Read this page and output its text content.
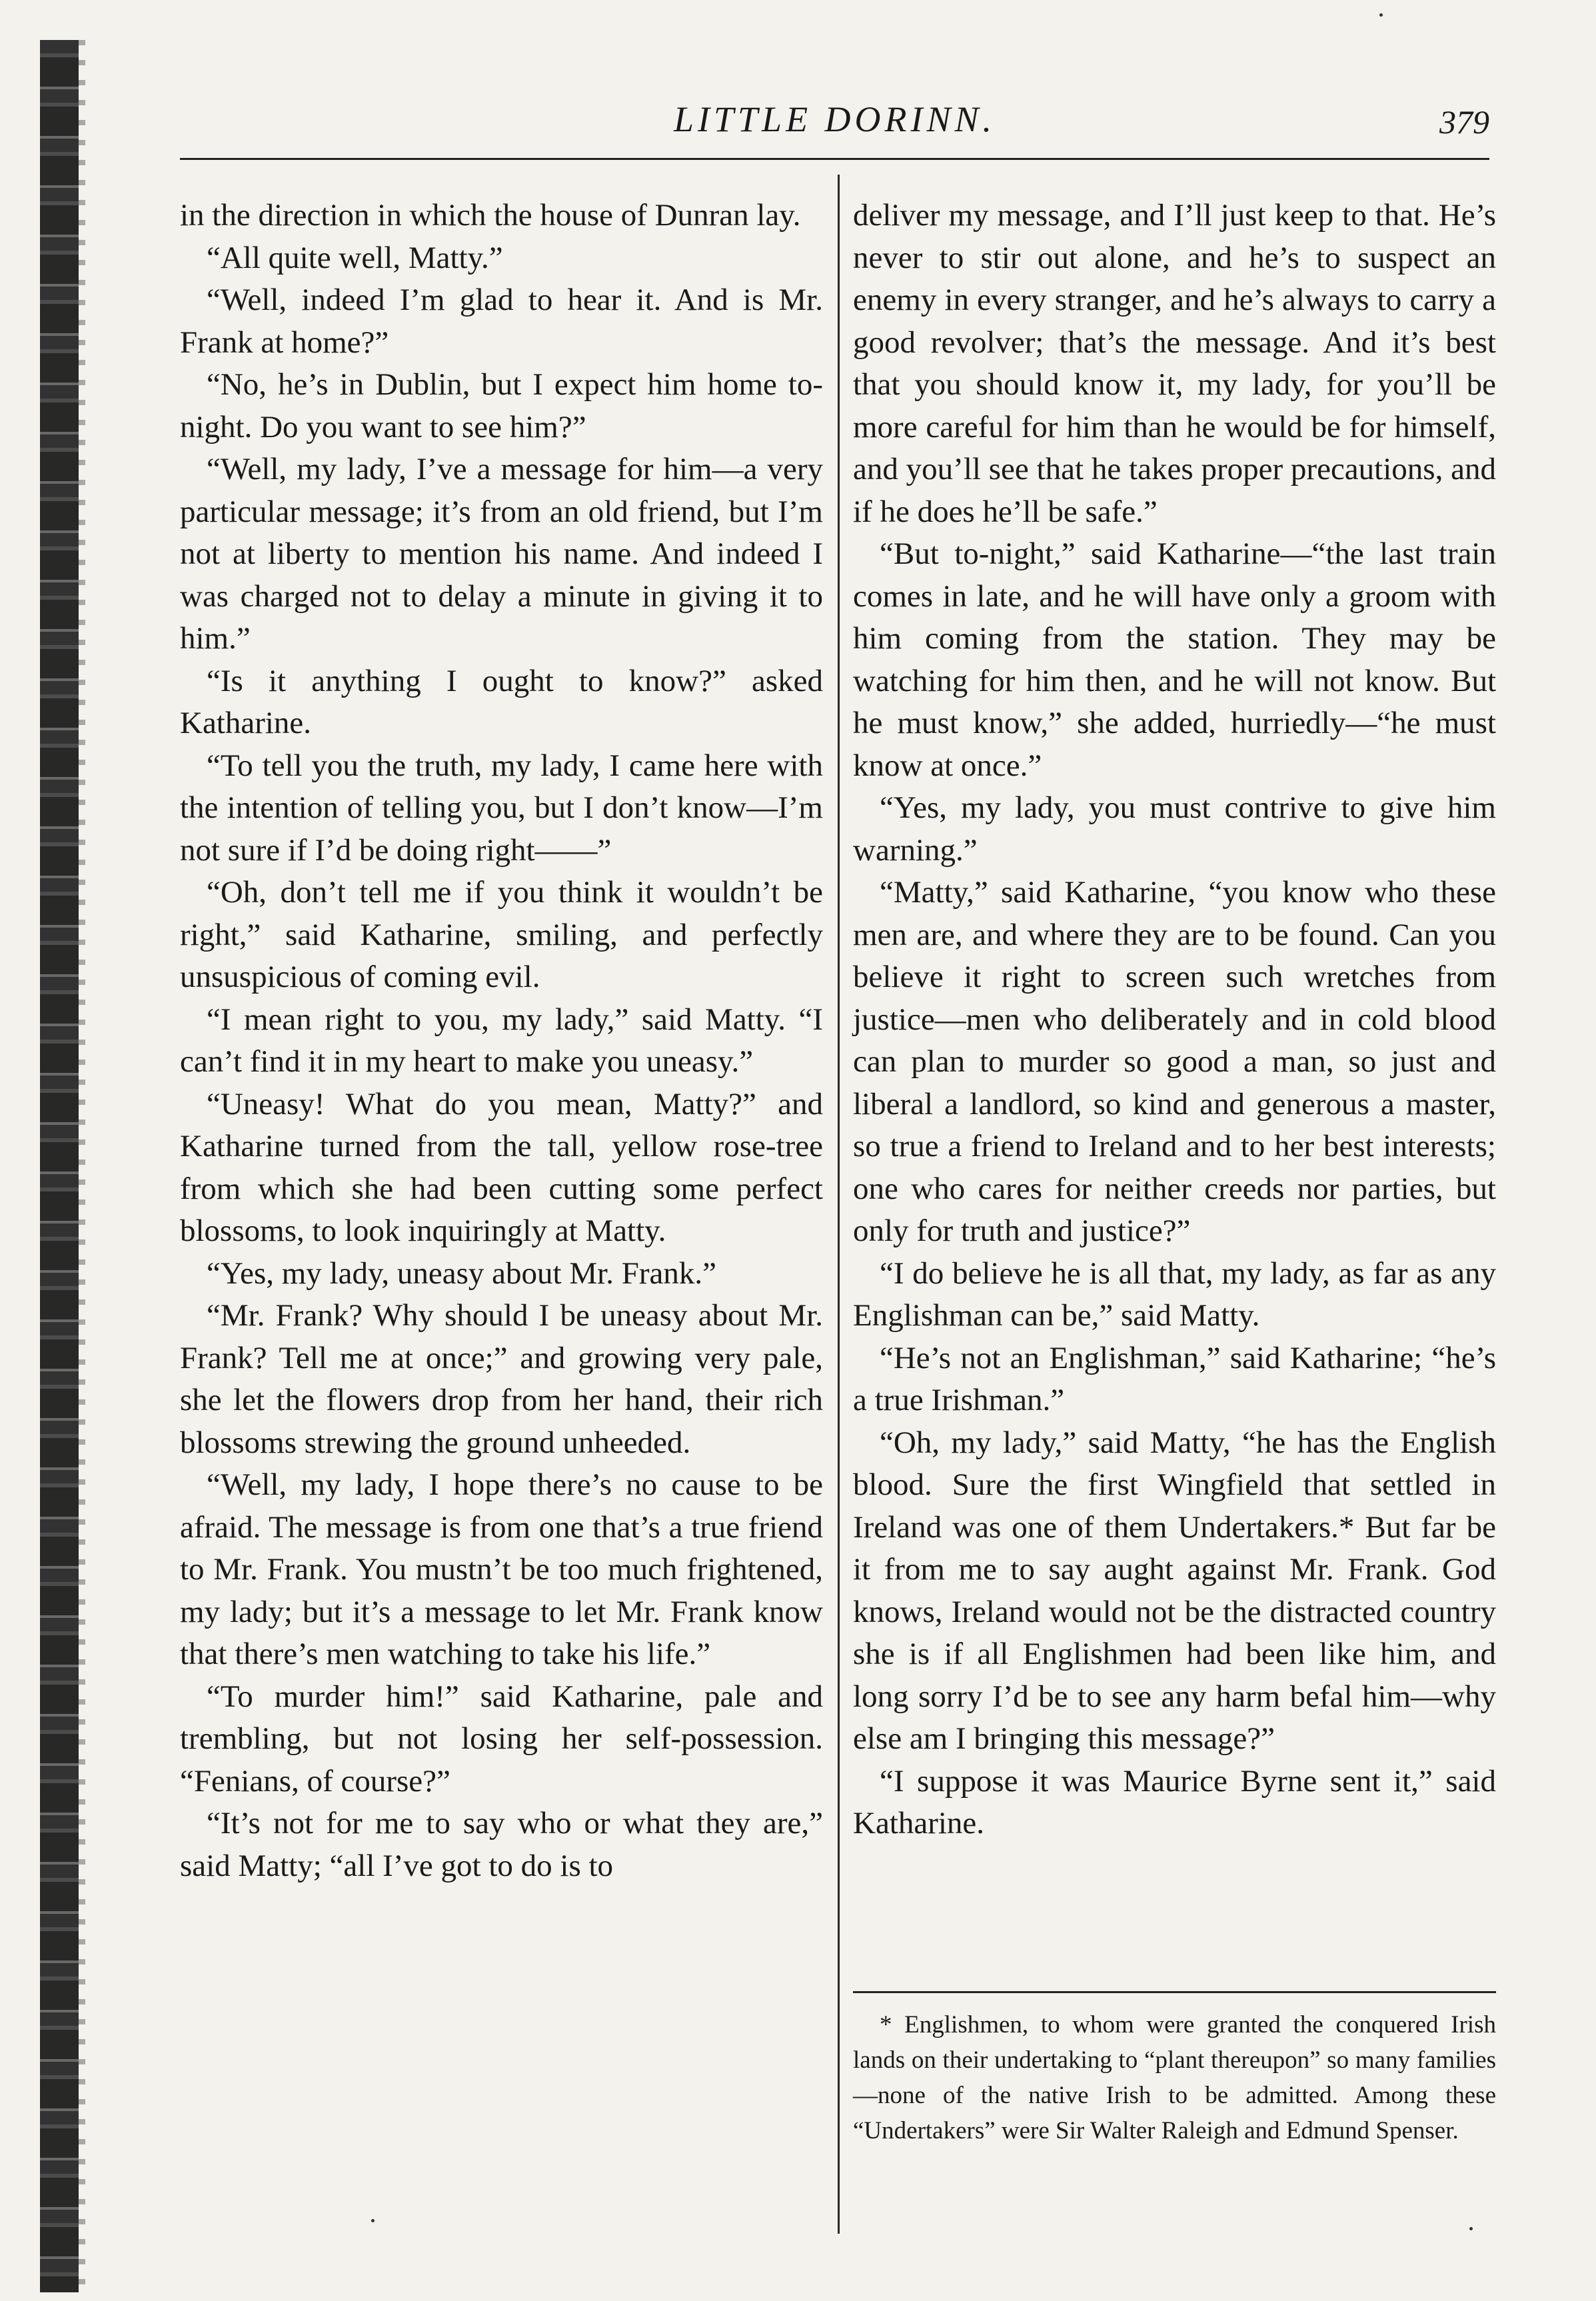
LITTLE DORINN.	379

in the directi​on in which the house of Dunran lay.

“All quite well, Matty.”

“Well, indeed I’m glad to hear it. And is Mr. Frank at home?”

“No, he’s in Dublin, but I expect him home to-night. Do you want to see him?”

“Well, my lady, I’ve a message for him—a very particular message; it’s from an old friend, but I’m not at liberty to mention his name. And indeed I was charged not to delay a minute in giving it to him.”

“Is it anything I ought to know?” asked Katharine.

“To tell you the truth, my lady, I came here with the intention of telling you, but I don’t know—I’m not sure if I’d be doing right——”

“Oh, don’t tell me if you think it wouldn’t be right,” said Katharine, smiling, and perfectly unsuspicious of coming evil.

“I mean right to you, my lady,” said Matty. “I can’t find it in my heart to make you uneasy.”

“Uneasy! What do you mean, Matty?” and Katharine turned from the tall, yellow rose-tree from which she had been cutting some perfect blossoms, to look inquiringly at Matty.

“Yes, my lady, uneasy about Mr. Frank.”

“Mr. Frank? Why should I be uneasy about Mr. Frank? Tell me at once;” and growing very pale, she let the flowers drop from her hand, their rich blossoms strewing the ground unheeded.

“Well, my lady, I hope there’s no cause to be afraid. The message is from one that’s a true friend to Mr. Frank. You mustn’t be too much frightened, my lady; but it’s a message to let Mr. Frank know that there’s men watching to take his life.”

“To murder him!” said Katharine, pale and trembling, but not losing her self-possession. “Fenians, of course?”

“It’s not for me to say who or what they are,” said Matty; “all I’ve got to do is to

deliver my message, and I’ll just keep to that. He’s never to stir out alone, and he’s to suspect an enemy in every stranger, and he’s always to carry a good revolver; that’s the message. And it’s best that you should know it, my lady, for you’ll be more careful for him than he would be for himself, and you’ll see that he takes proper precautions, and if he does he’ll be safe.”

“But to-night,” said Katharine—“the last train comes in late, and he will have only a groom with him coming from the station. They may be watching for him then, and he will not know. But he must know,” she added, hurriedly—“he must know at once.”

“Yes, my lady, you must contrive to give him warning.”

“Matty,” said Katharine, “you know who these men are, and where they are to be found. Can you believe it right to screen such wretches from justice—men who deliberately and in cold blood can plan to murder so good a man, so just and liberal a landlord, so kind and generous a master, so true a friend to Ireland and to her best interests; one who cares for neither creeds nor parties, but only for truth and justice?”

“I do believe he is all that, my lady, as far as any Englishman can be,” said Matty.

“He’s not an Englishman,” said Katharine; “he’s a true Irishman.”

“Oh, my lady,” said Matty, “he has the English blood. Sure the first Wingfield that settled in Ireland was one of them Undertakers.* But far be it from me to say aught against Mr. Frank. God knows, Ireland would not be the distracted country she is if all Englishmen had been like him, and long sorry I’d be to see any harm befal him—why else am I bringing this message?”

“I suppose it was Maurice Byrne sent it,” said Katharine.

* Englishmen, to whom were granted the conquered Irish lands on their undertaking to “plant thereupon” so many families—none of the native Irish to be admitted. Among these “Undertakers” were Sir Walter Raleigh and Edmund Spenser.
